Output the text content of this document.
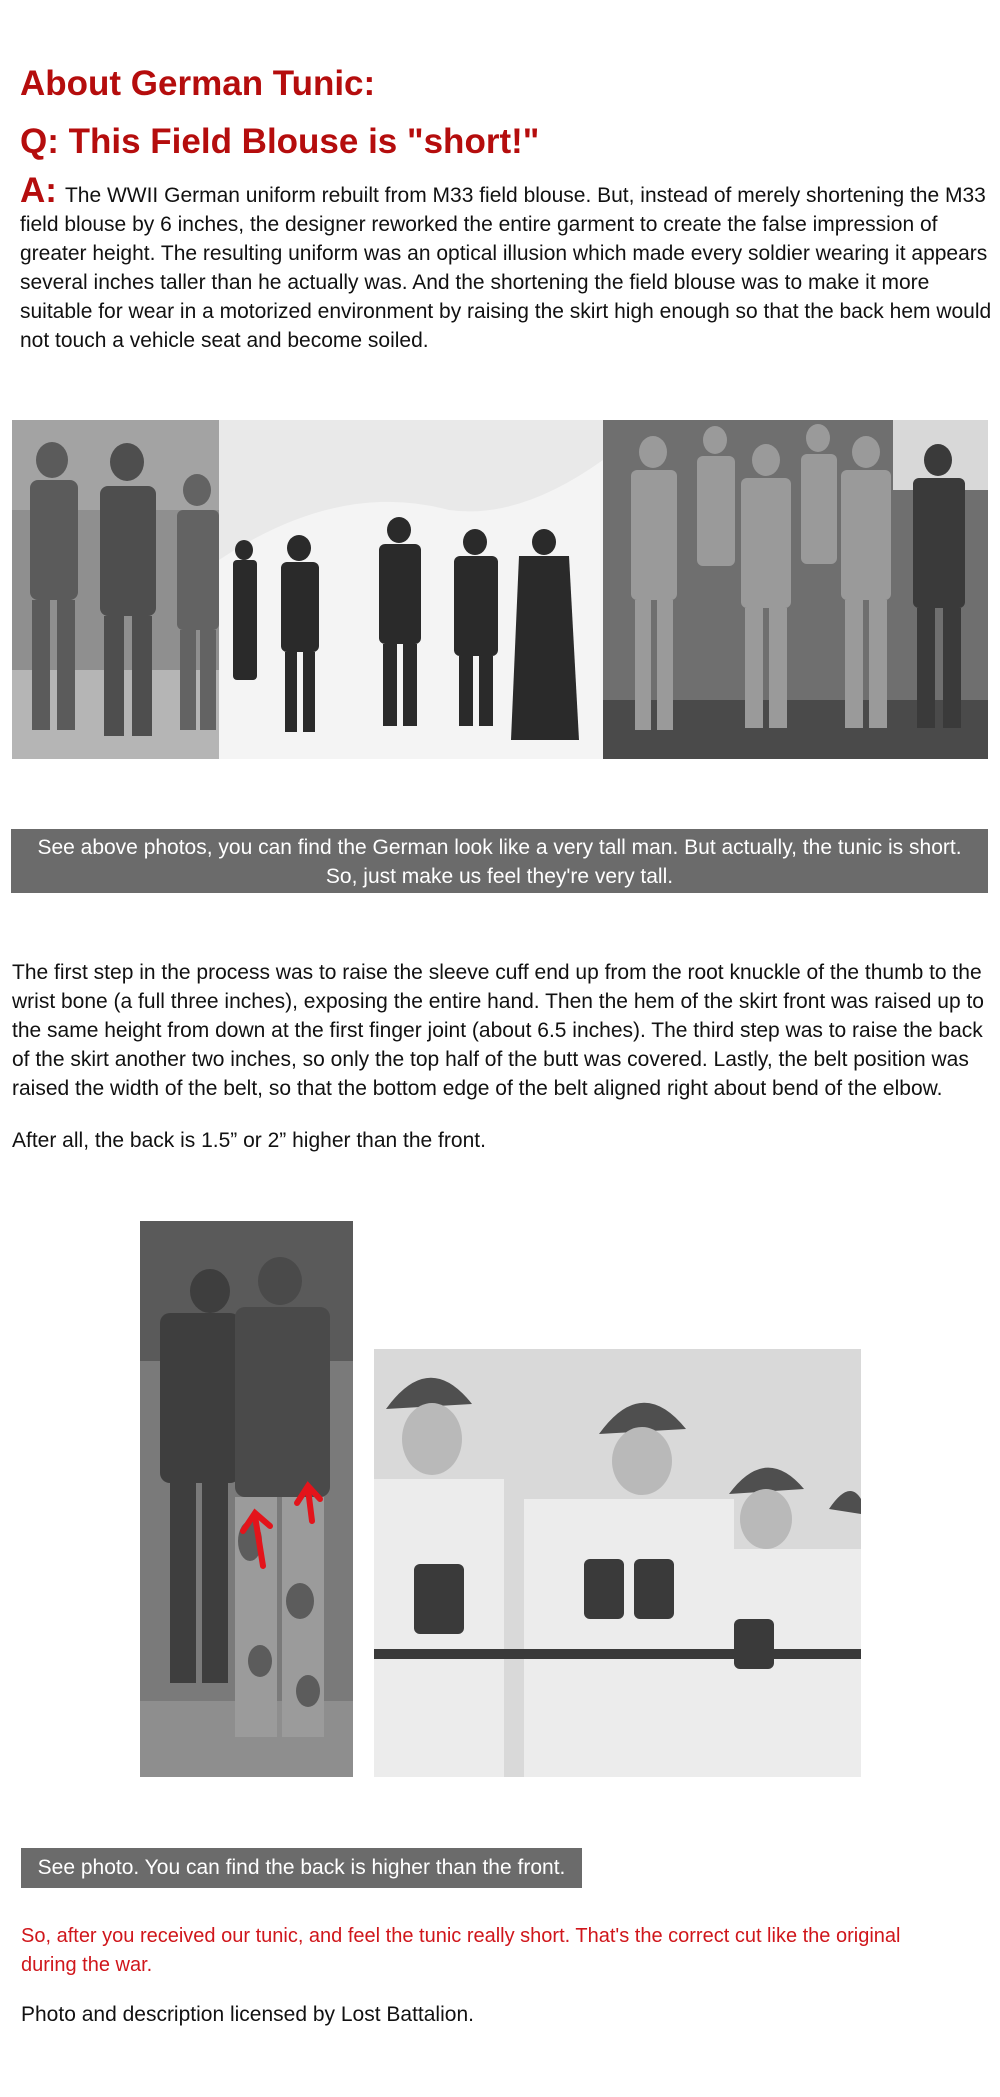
About German Tunic:
Q: This Field Blouse is "short!"
A: The WWII German uniform rebuilt from M33 field blouse. But, instead of merely shortening the M33 field blouse by 6 inches, the designer reworked the entire garment to create the false impression of greater height. The resulting uniform was an optical illusion which made every soldier wearing it appears several inches taller than he actually was. And the shortening the field blouse was to make it more suitable for wear in a motorized environment by raising the skirt high enough so that the back hem would not touch a vehicle seat and become soiled.
See above photos, you can find the German look like a very tall man. But actually, the tunic is short.
So, just make us feel they're very tall.
The first step in the process was to raise the sleeve cuff end up from the root knuckle of the thumb to the wrist bone (a full three inches), exposing the entire hand. Then the hem of the skirt front was raised up to the same height from down at the first finger joint (about 6.5 inches). The third step was to raise the back of the skirt another two inches, so only the top half of the butt was covered. Lastly, the belt position was raised the width of the belt, so that the bottom edge of the belt aligned right about bend of the elbow.
After all, the back is 1.5” or 2” higher than the front.
See photo. You can find the back is higher than the front.
So, after you received our tunic, and feel the tunic really short. That's the correct cut like the original during the war.
Photo and description licensed by Lost Battalion.
